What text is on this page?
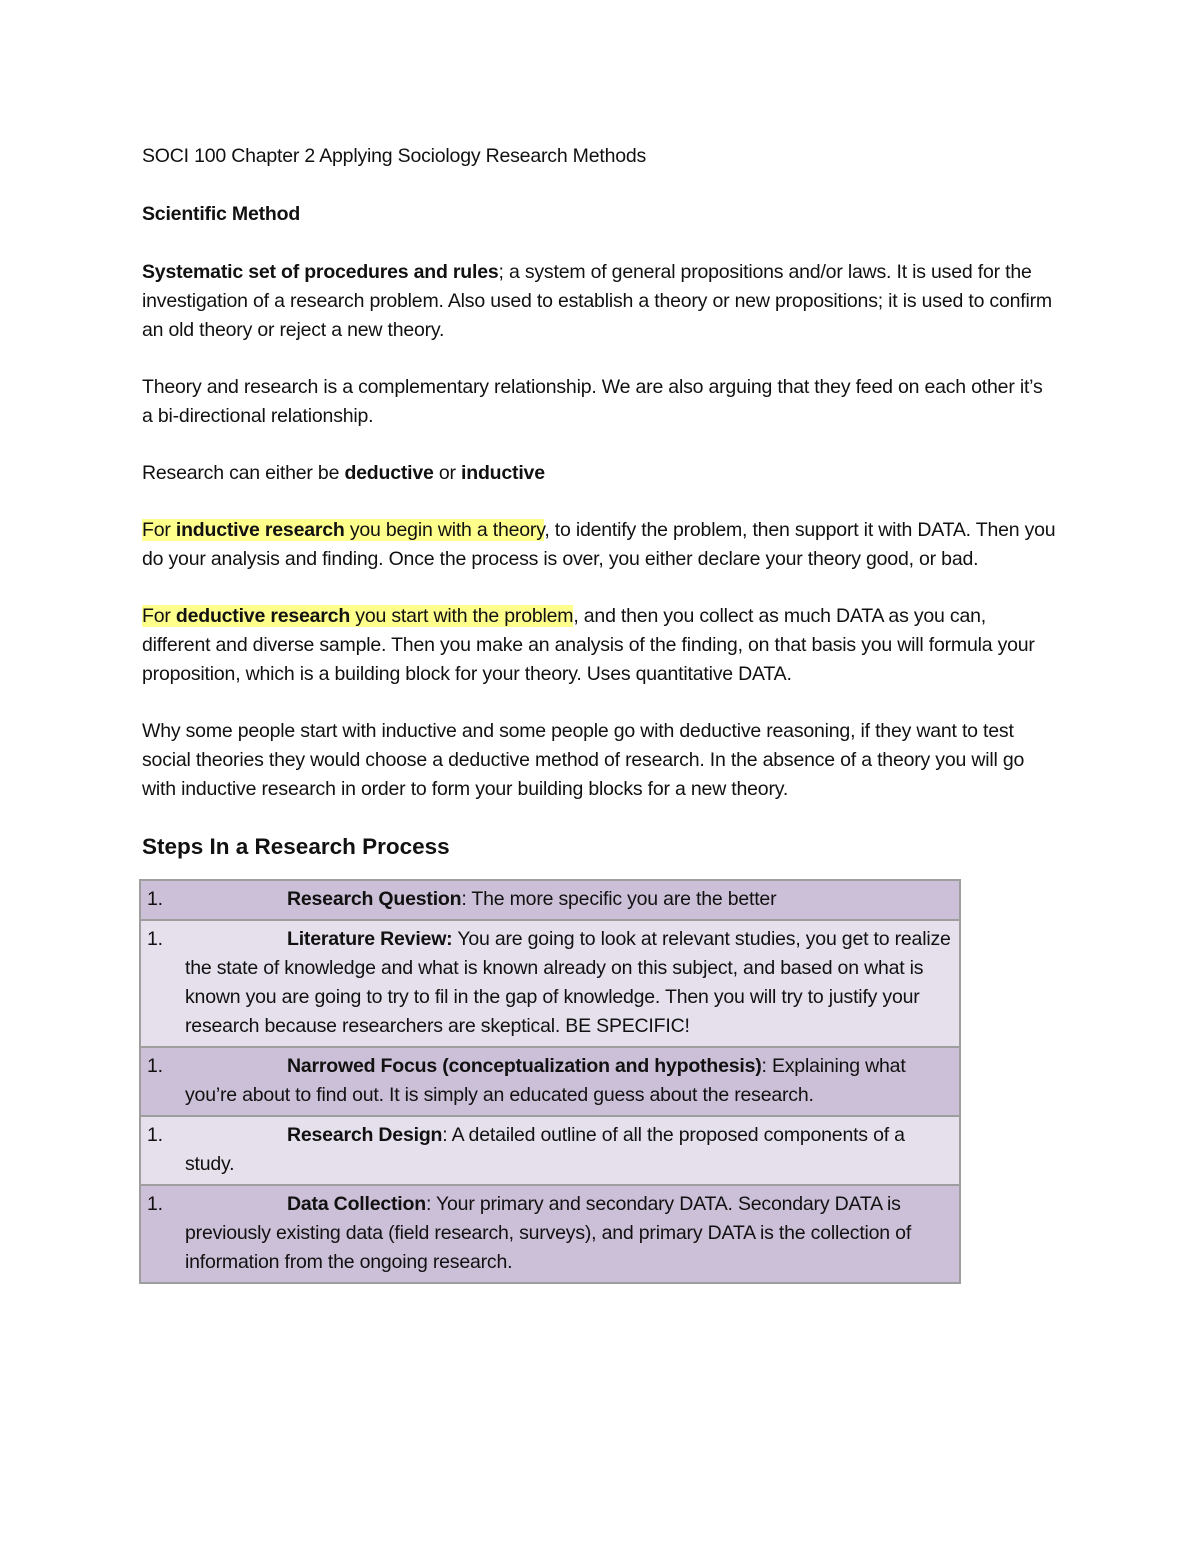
SOCI 100 Chapter 2 Applying Sociology Research Methods

Scientific Method

Systematic set of procedures and rules; a system of general propositions and/or laws. It is used for the investigation of a research problem. Also used to establish a theory or new propositions; it is used to confirm an old theory or reject a new theory.

Theory and research is a complementary relationship. We are also arguing that they feed on each other it’s a bi-directional relationship.

Research can either be deductive or inductive

For inductive research you begin with a theory, to identify the problem, then support it with DATA. Then you do your analysis and finding. Once the process is over, you either declare your theory good, or bad.

For deductive research you start with the problem, and then you collect as much DATA as you can, different and diverse sample. Then you make an analysis of the finding, on that basis you will formula your proposition, which is a building block for your theory. Uses quantitative DATA.

Why some people start with inductive and some people go with deductive reasoning, if they want to test social theories they would choose a deductive method of research. In the absence of a theory you will go with inductive research in order to form your building blocks for a new theory.

Steps In a Research Process
1.	Research Question: The more specific you are the better

1.	Literature Review: You are going to look at relevant studies, you get to realize the state of knowledge and what is known already on this subject, and based on what is known you are going to try to fil in the gap of knowledge. Then you will try to justify your research because researchers are skeptical. BE SPECIFIC!

1.	Narrowed Focus (conceptualization and hypothesis): Explaining what you’re about to find out. It is simply an educated guess about the research.

1.	Research Design: A detailed outline of all the proposed components of a study.

1.	Data Collection: Your primary and secondary DATA. Secondary DATA is previously existing data (field research, surveys), and primary DATA is the collection of information from the ongoing research.
